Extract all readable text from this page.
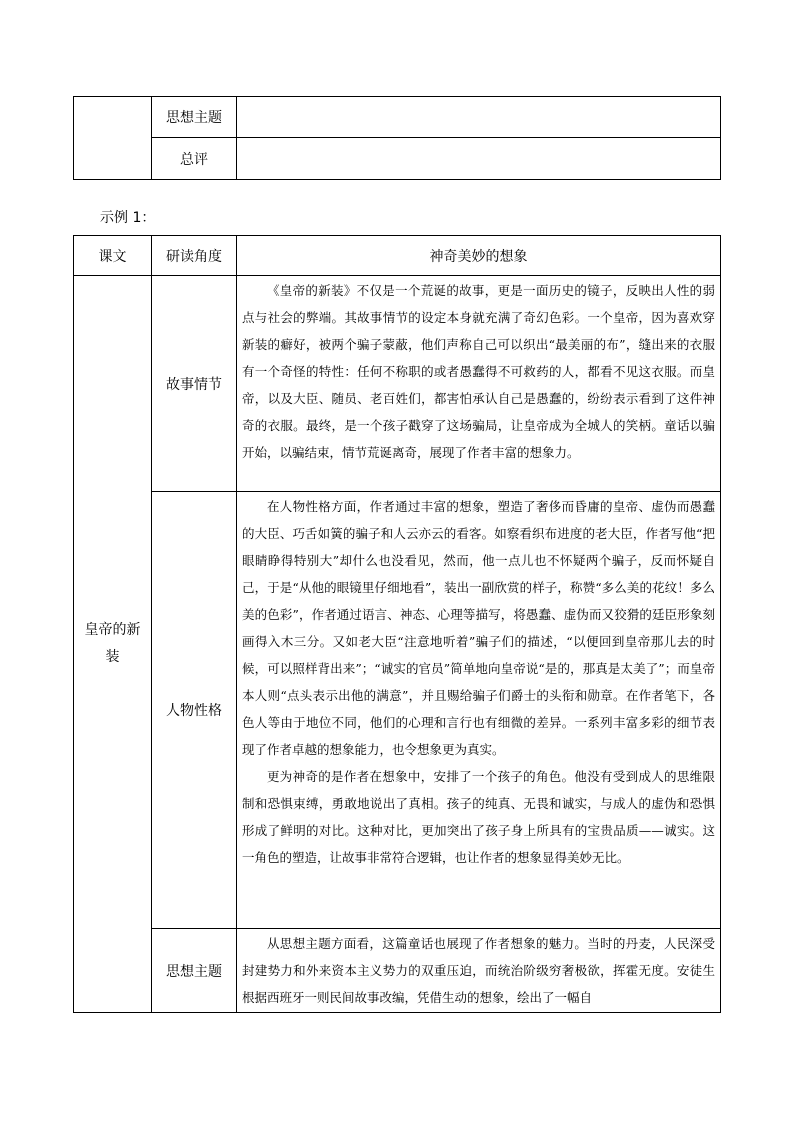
	思想主题	
	总评	
示例 1：
课文	研读角度	神奇美妙的想象
皇帝的新装	故事情节	《皇帝的新装》不仅是一个荒诞的故事，更是一面历史的镜子，反映出人性的弱点与社会的弊端。其故事情节的设定本身就充满了奇幻色彩。一个皇帝，因为喜欢穿新装的癖好，被两个骗子蒙蔽，他们声称自己可以织出“最美丽的布”，缝出来的衣服有一个奇怪的特性：任何不称职的或者愚蠢得不可救药的人，都看不见这衣服。而皇帝，以及大臣、随员、老百姓们，都害怕承认自己是愚蠢的，纷纷表示看到了这件神奇的衣服。最终，是一个孩子戳穿了这场骗局，让皇帝成为全城人的笑柄。童话以骗开始，以骗结束，情节荒诞离奇，展现了作者丰富的想象力。

	人物性格	在人物性格方面，作者通过丰富的想象，塑造了奢侈而昏庸的皇帝、虚伪而愚蠢的大臣、巧舌如簧的骗子和人云亦云的看客。如察看织布进度的老大臣，作者写他“把眼睛睁得特别大”却什么也没看见，然而，他一点儿也不怀疑两个骗子，反而怀疑自己，于是“从他的眼镜里仔细地看”，装出一副欣赏的样子，称赞“多么美的花纹！多么美的色彩”，作者通过语言、神态、心理等描写，将愚蠢、虚伪而又狡猾的廷臣形象刻画得入木三分。又如老大臣“注意地听着”骗子们的描述，“以便回到皇帝那儿去的时候，可以照样背出来”；“诚实的官员”简单地向皇帝说“是的，那真是太美了”；而皇帝本人则“点头表示出他的满意”，并且赐给骗子们爵士的头衔和勋章。在作者笔下，各色人等由于地位不同，他们的心理和言行也有细微的差异。一系列丰富多彩的细节表现了作者卓越的想象能力，也令想象更为真实。

更为神奇的是作者在想象中，安排了一个孩子的角色。他没有受到成人的思维限制和恐惧束缚，勇敢地说出了真相。孩子的纯真、无畏和诚实，与成人的虚伪和恐惧形成了鲜明的对比。这种对比，更加突出了孩子身上所具有的宝贵品质——诚实。这一角色的塑造，让故事非常符合逻辑，也让作者的想象显得美妙无比。

	思想主题	从思想主题方面看，这篇童话也展现了作者想象的魅力。当时的丹麦，人民深受封建势力和外来资本主义势力的双重压迫，而统治阶级穷奢极欲，挥霍无度。安徒生根据西班牙一则民间故事改编，凭借生动的想象，绘出了一幅自
